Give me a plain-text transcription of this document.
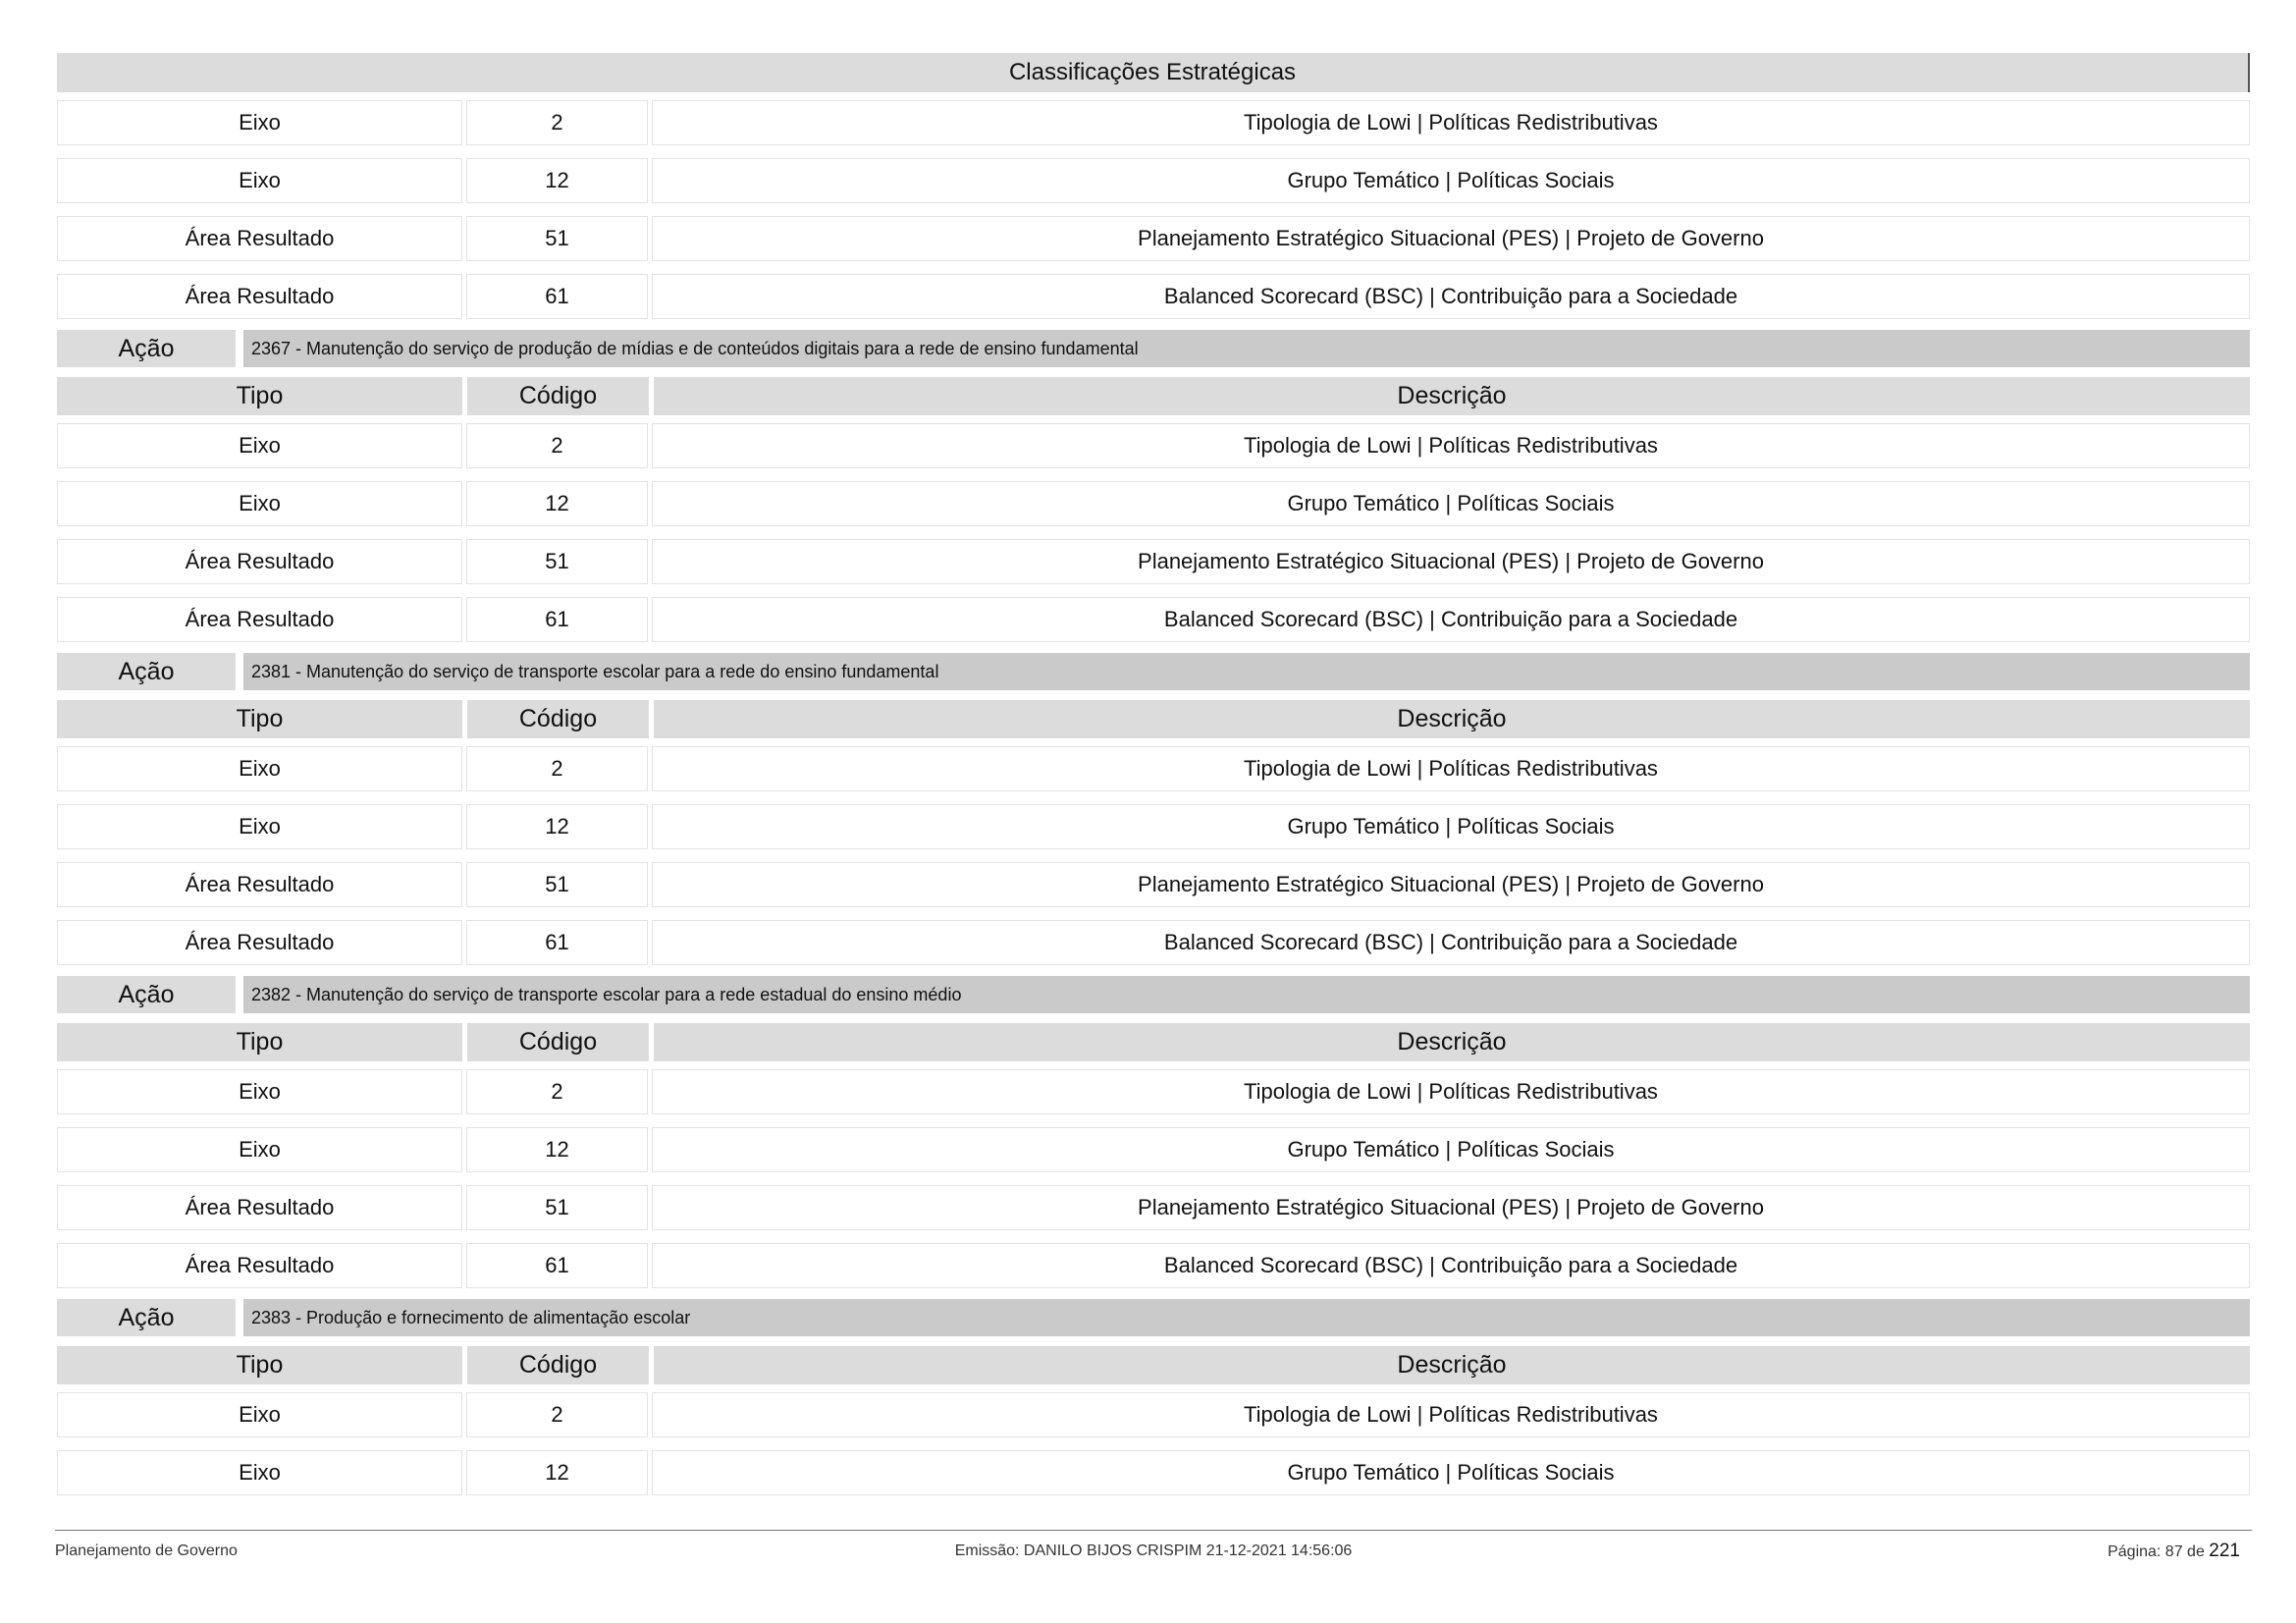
Classificações Estratégicas
Eixo	2	Tipologia de Lowi | Políticas Redistributivas
Eixo	12	Grupo Temático | Políticas Sociais
Área Resultado	51	Planejamento Estratégico Situacional (PES) | Projeto de Governo
Área Resultado	61	Balanced Scorecard (BSC) | Contribuição para a Sociedade
Ação	2367 - Manutenção do serviço de produção de mídias e de conteúdos digitais para a rede de ensino fundamental
Tipo	Código	Descrição
Eixo	2	Tipologia de Lowi | Políticas Redistributivas
Eixo	12	Grupo Temático | Políticas Sociais
Área Resultado	51	Planejamento Estratégico Situacional (PES) | Projeto de Governo
Área Resultado	61	Balanced Scorecard (BSC) | Contribuição para a Sociedade
Ação	2381 - Manutenção do serviço de transporte escolar para a rede do ensino fundamental
Tipo	Código	Descrição
Eixo	2	Tipologia de Lowi | Políticas Redistributivas
Eixo	12	Grupo Temático | Políticas Sociais
Área Resultado	51	Planejamento Estratégico Situacional (PES) | Projeto de Governo
Área Resultado	61	Balanced Scorecard (BSC) | Contribuição para a Sociedade
Ação	2382 - Manutenção do serviço de transporte escolar para a rede estadual do ensino médio
Tipo	Código	Descrição
Eixo	2	Tipologia de Lowi | Políticas Redistributivas
Eixo	12	Grupo Temático | Políticas Sociais
Área Resultado	51	Planejamento Estratégico Situacional (PES) | Projeto de Governo
Área Resultado	61	Balanced Scorecard (BSC) | Contribuição para a Sociedade
Ação	2383 - Produção e fornecimento de alimentação escolar
Tipo	Código	Descrição
Eixo	2	Tipologia de Lowi | Políticas Redistributivas
Eixo	12	Grupo Temático | Políticas Sociais
Planejamento de Governo	Emissão: DANILO BIJOS CRISPIM 21-12-2021 14:56:06	Página: 87 de 221
